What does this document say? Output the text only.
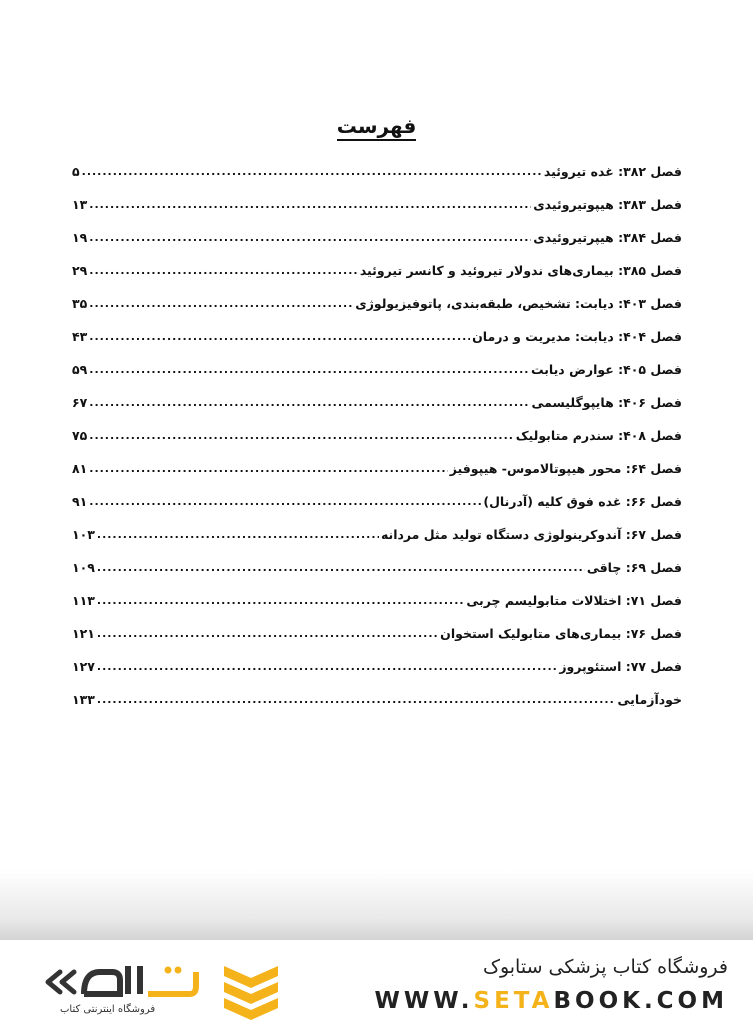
فهرست
فصل ۳۸۲: غده تیروئید
.....
۵
فصل ۳۸۳: هیپوتیروئیدی
.....
۱۳
فصل ۳۸۴: هیپرتیروئیدی
.....
۱۹
فصل ۳۸۵: بیماری‌های ندولار تیروئید و کانسر تیروئید
.....
۲۹
فصل ۴۰۳: دیابت: تشخیص، طبقه‌بندی، پاتوفیزیولوژی
.....
۳۵
فصل ۴۰۴: دیابت: مدیریت و درمان
.....
۴۳
فصل ۴۰۵: عوارض دیابت
.....
۵۹
فصل ۴۰۶: هایپوگلیسمی
.....
۶۷
فصل ۴۰۸: سندرم متابولیک
.....
۷۵
فصل ۶۴: محور هیپوتالاموس- هیپوفیز
.....
۸۱
فصل ۶۶: غده فوق کلیه (آدرنال)
.....
۹۱
فصل ۶۷: آندوکرینولوژی دستگاه تولید مثل مردانه
.....
۱۰۳
فصل ۶۹: چاقی
.....
۱۰۹
فصل ۷۱: اختلالات متابولیسم چربی
.....
۱۱۳
فصل ۷۶: بیماری‌های متابولیک استخوان
.....
۱۲۱
فصل ۷۷: استئوپروز
.....
۱۲۷
خودآزمایی
.....
۱۳۳
فروشگاه کتاب پزشکی ستابوک
WWW.SETABOOK.COM
فروشگاه اینترنتی کتاب
